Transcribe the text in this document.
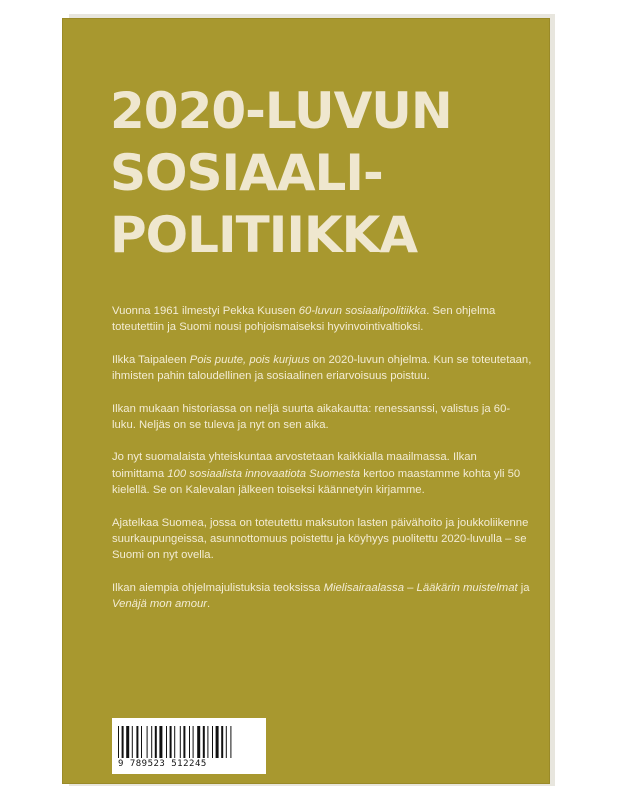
2020-LUVUN
SOSIAALI-
POLITIIKKA

Vuonna 1961 ilmestyi Pekka Kuusen 60-luvun sosiaalipolitiikka. Sen ohjelma toteutettiin ja Suomi nousi pohjoismaiseksi hyvinvointivaltioksi.

Ilkka Taipaleen Pois puute, pois kurjuus on 2020-luvun ohjelma. Kun se toteutetaan, ihmisten pahin taloudellinen ja sosiaalinen eriarvoisuus poistuu.

Ilkan mukaan historiassa on neljä suurta aikakautta: renessanssi, valistus ja 60-luku. Neljäs on se tuleva ja nyt on sen aika.

Jo nyt suomalaista yhteiskuntaa arvostetaan kaikkialla maailmassa. Ilkan toimittama 100 sosiaalista innovaatiota Suomesta kertoo maastamme kohta yli 50 kielellä. Se on Kalevalan jälkeen toiseksi käännetyin kirjamme.

Ajatelkaa Suomea, jossa on toteutettu maksuton lasten päivähoito ja joukkoliikenne suurkaupungeissa, asunnottomuus poistettu ja köyhyys puolitettu 2020-luvulla – se Suomi on nyt ovella.

Ilkan aiempia ohjelmajulistuksia teoksissa Mielisairaalassa – Lääkärin muistelmat ja Venäjä mon amour.

9 789523 512245
